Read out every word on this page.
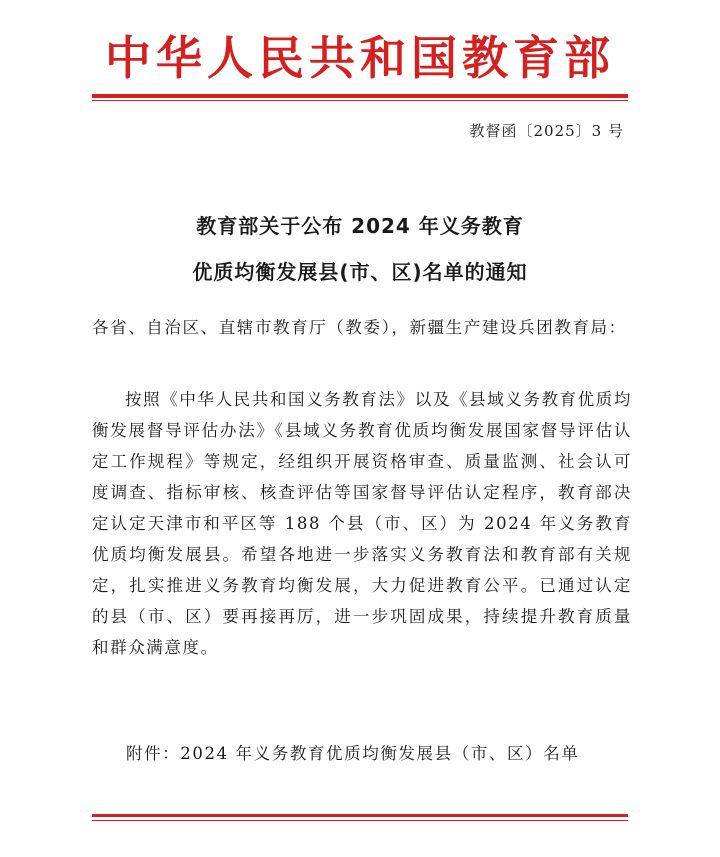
中华人民共和国教育部
教督函〔2025〕3 号
教育部关于公布 2024 年义务教育
优质均衡发展县(市、区)名单的通知
各省、自治区、直辖市教育厅（教委），新疆生产建设兵团教育局：
按照《中华人民共和国义务教育法》以及《县域义务教育优质均衡发展督导评估办法》《县域义务教育优质均衡发展国家督导评估认定工作规程》等规定，经组织开展资格审查、质量监测、社会认可度调查、指标审核、核查评估等国家督导评估认定程序，教育部决定认定天津市和平区等 188 个县（市、区）为 2024 年义务教育优质均衡发展县。希望各地进一步落实义务教育法和教育部有关规定，扎实推进义务教育均衡发展，大力促进教育公平。已通过认定的县（市、区）要再接再厉，进一步巩固成果，持续提升教育质量和群众满意度。
附件：2024 年义务教育优质均衡发展县（市、区）名单
